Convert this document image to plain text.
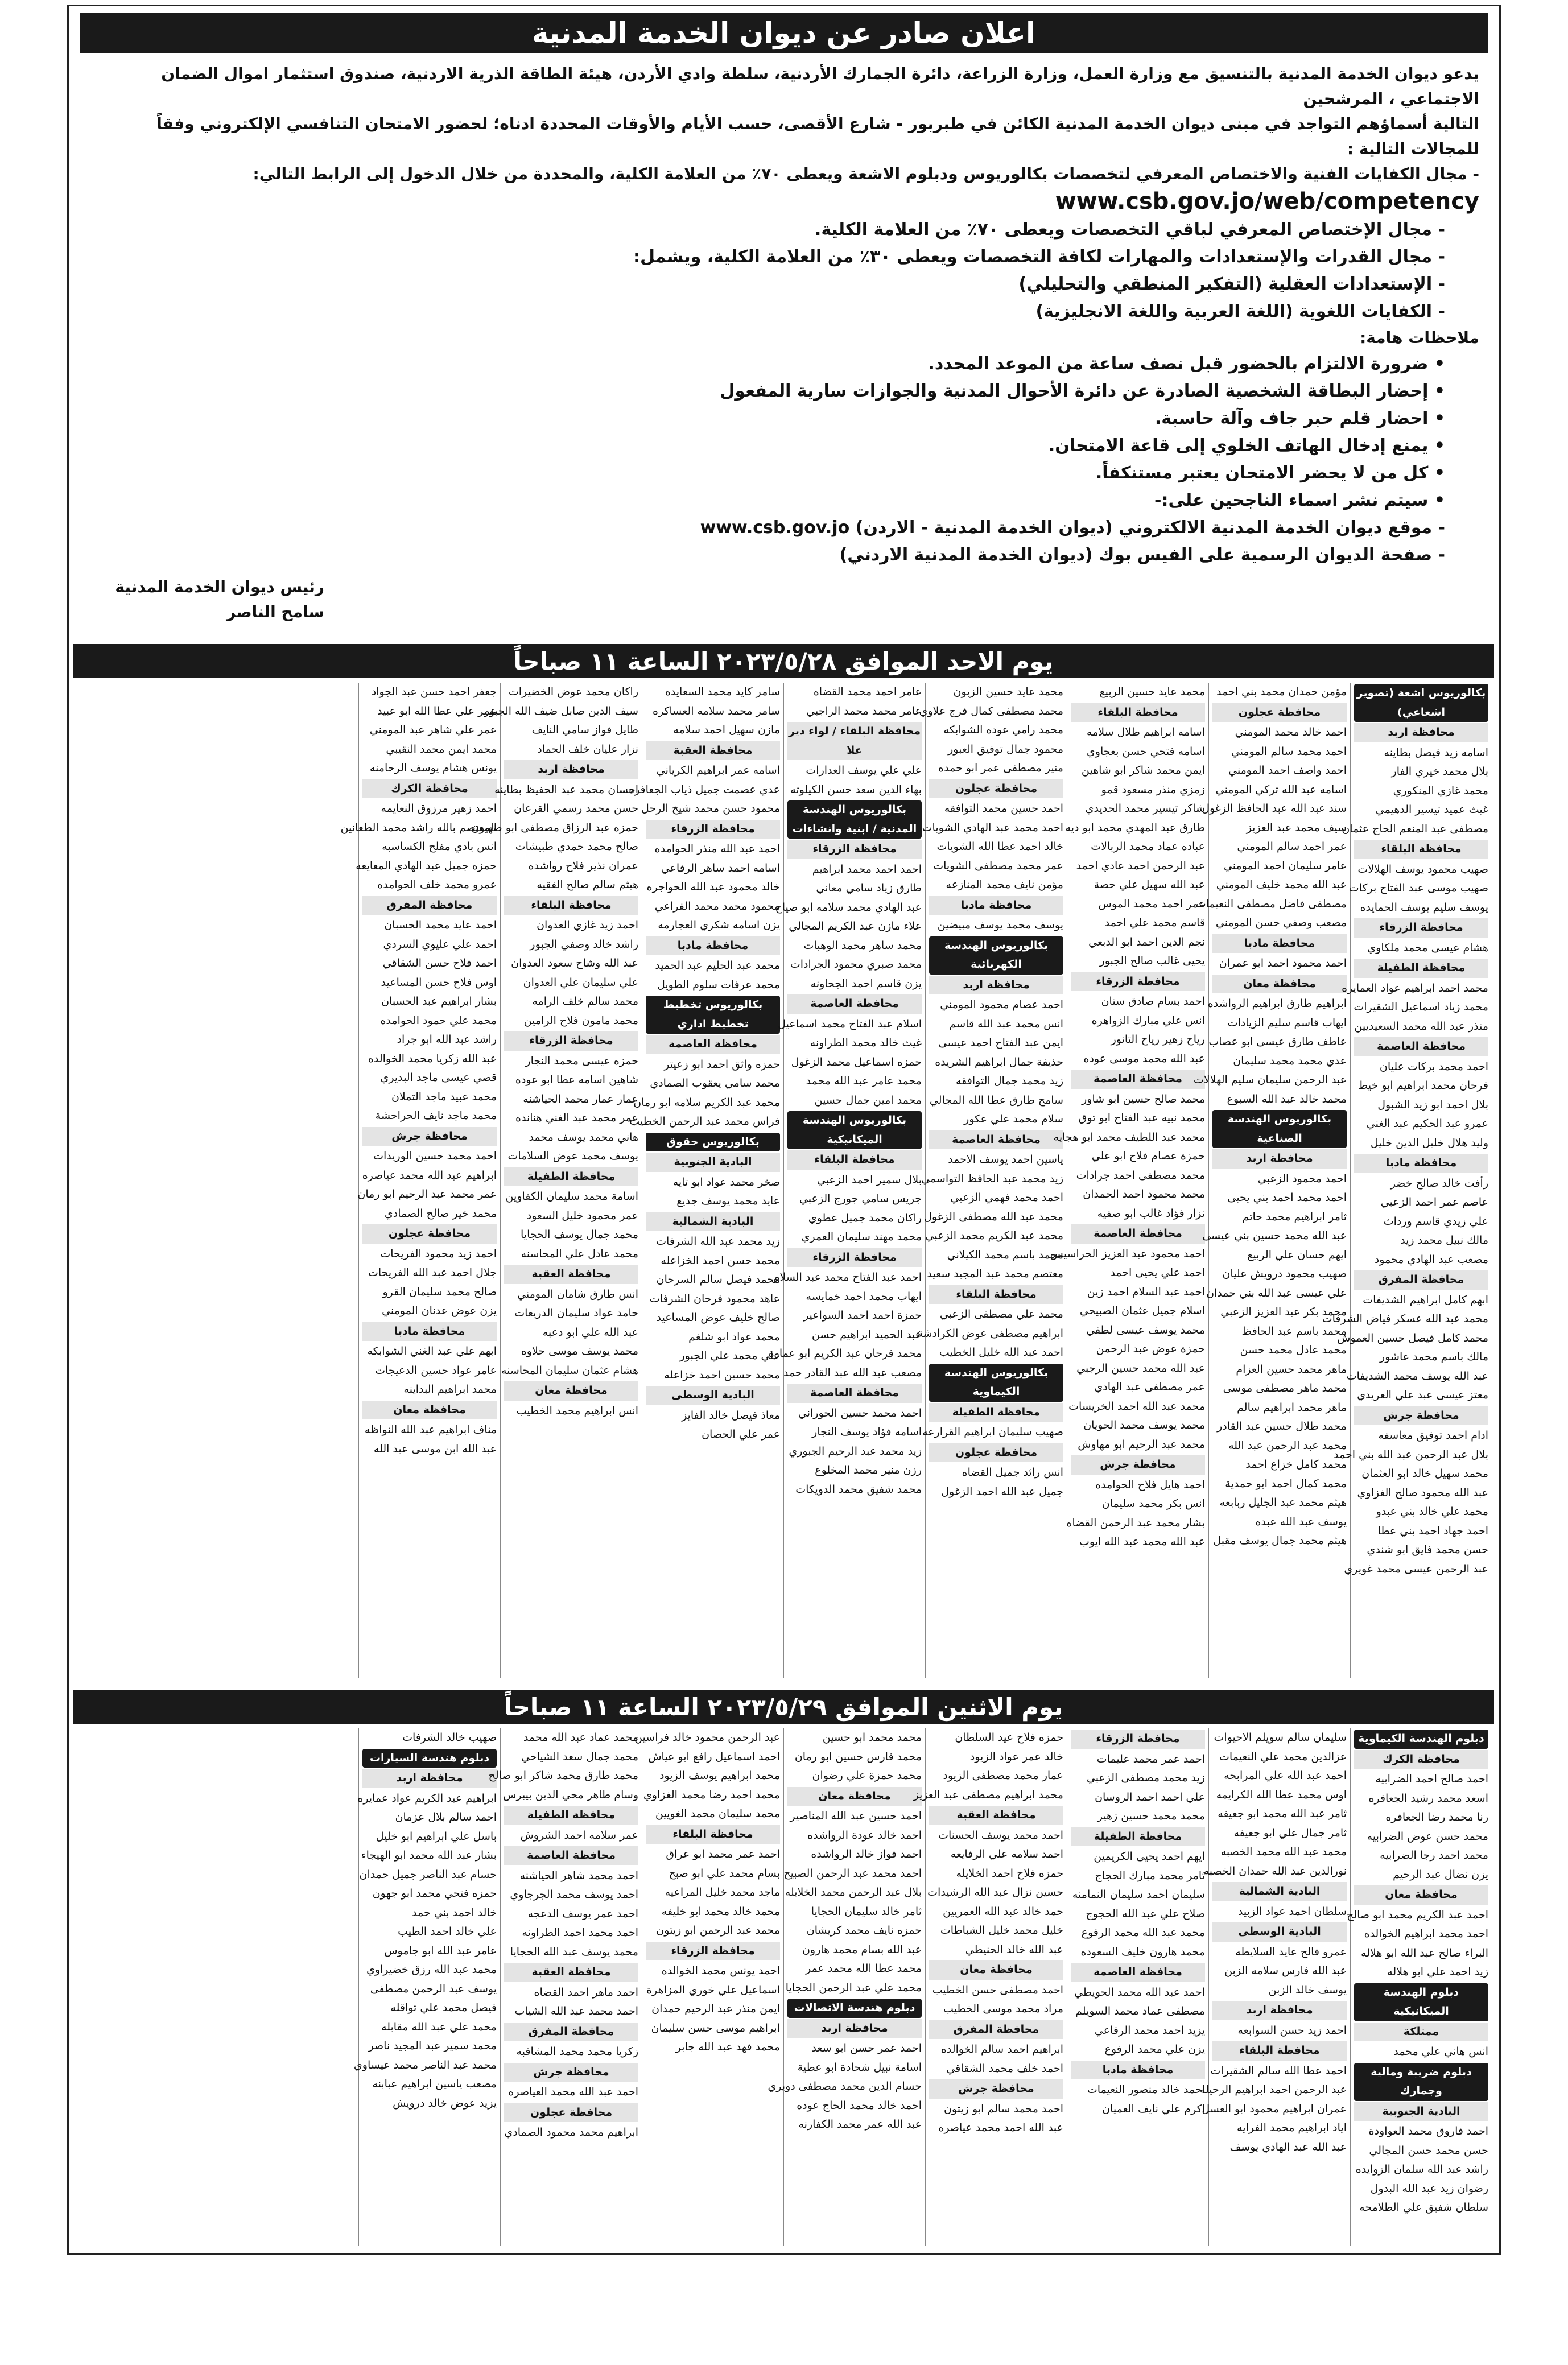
اعلان صادر عن ديوان الخدمة المدنية

يدعو ديوان الخدمة المدنية بالتنسيق مع وزارة العمل، وزارة الزراعة، دائرة الجمارك الأردنية، سلطة وادي الأردن، هيئة الطاقة الذرية الاردنية، صندوق استثمار اموال الضمان الاجتماعي ، المرشحين

التالية أسماؤهم التواجد في مبنى ديوان الخدمة المدنية الكائن في طبربور - شارع الأقصى، حسب الأيام والأوقات المحددة ادناه؛ لحضور الامتحان التنافسي الإلكتروني وفقاً للمجالات التالية :

- مجال الكفايات الفنية والاختصاص المعرفي لتخصصات بكالوريوس ودبلوم الاشعة ويعطى ٧٠٪ من العلامة الكلية، والمحددة من خلال الدخول إلى الرابط التالي:

www.csb.gov.jo/web/competency
- مجال الإختصاص المعرفي لباقي التخصصات ويعطى ٧٠٪ من العلامة الكلية.
- مجال القدرات والإستعدادات والمهارات لكافة التخصصات ويعطى ٣٠٪ من العلامة الكلية، ويشمل:
- الإستعدادات العقلية (التفكير المنطقي والتحليلي)
- الكفايات اللغوية (اللغة العربية واللغة الانجليزية)

ملاحظات هامة:

• ضرورة الالتزام بالحضور قبل نصف ساعة من الموعد المحدد.
• إحضار البطاقة الشخصية الصادرة عن دائرة الأحوال المدنية والجوازات سارية المفعول
• احضار قلم حبر جاف وآلة حاسبة.
• يمنع إدخال الهاتف الخلوي إلى قاعة الامتحان.
• كل من لا يحضر الامتحان يعتبر مستنكفاً.
• سيتم نشر اسماء الناجحين على:-
- موقع ديوان الخدمة المدنية الالكتروني (ديوان الخدمة المدنية - الاردن) www.csb.gov.jo
- صفحة الديوان الرسمية على الفيس بوك (ديوان الخدمة المدنية الاردني)
رئيس ديوان الخدمة المدنية
سامح الناصر
يوم الاحد الموافق ٢٠٢٣/٥/٢٨ الساعة ١١ صباحاً
بكالوريوس اشعة (تصوير اشعاعي)
محافظة اربد
اسامه زيد فيصل بطاينه
بلال محمد خيري الفار
محمد غازي المنكوري
غيث عميد تيسير الدهيمي
مصطفى عبد المنعم الحاج عثمان
محافظة البلقاء
صهيب محمود يوسف الهلالات
صهيب موسى عبد الفتاح بركات
يوسف سليم يوسف الحمايده
محافظة الزرقاء
هشام عيسى محمد ملكاوي
محافظة الطفيلة
محمد احمد ابراهيم عواد العمايره
محمد زياد اسماعيل الشقيرات
منذر عبد الله محمد السعيديين
محافظة العاصمة
احمد محمد بركات عليان
فرحان محمد ابراهيم ابو خيط
بلال احمد ابو زيد الشبول
عمرو عبد الحكيم عبد الغني
وليد هلال خليل الدين خليل
محافظة مادبا
رأفت خالد صالح خضر
عاصم عمر احمد الزعبي
علي زيدي قاسم ورداث
مالك نبيل محمد زيد
مصعب عبد الهادي محمود
محافظة المفرق
ابهم كامل ابراهيم الشديفات
محمد عبد الله عسكر فياض الشرفات
محمد كامل فيصل حسين العموش
مالك باسم محمد عاشور
عبد الله يوسف محمد الشديفات
معتز عيسى عبد علي العريدي
محافظة جرش
ادام احمد توفيق معاسفه
بلال عبد الرحمن عبد الله بني احمد
محمد سهيل خالد ابو العثمان
عبد الله محمود صالح الغزاوي
محمد علي خالد بني عبدو
احمد جهاد احمد بني عطا
حسن محمد فايق ابو شندي
عبد الرحمن عيسى محمد غويري
مؤمن حمدان محمد بني احمد
محافظة عجلون
احمد خالد محمد المومني
احمد محمد سالم المومني
احمد واصف احمد المومني
اسامه عبد الله تركي المومني
سند عبد الله عبد الحافظ الزغول
سيف محمد عبد العزيز
عمر احمد سالم المومني
عامر سليمان احمد المومني
عبد الله محمد خليف المومني
مصطفى فاضل مصطفى النعيمات
مصعب وصفي حسن المومني
محافظة مادبا
احمد محمود احمد ابو عمران
محافظة معان
ابراهيم طارق ابراهيم الرواشده
ايهاب قاسم سليم الزيادات
عاطف طارق عيسى ابو عصاب
عدي محمد محمد سليمان
عبد الرحمن سليمان سليم الهلالات
محمد خالد عبد الله السبوع
بكالوريوس الهندسة الصناعية
محافظة اربد
احمد محمود الزعبي
احمد محمد احمد بني يحيى
ثامر ابراهيم محمد حاتم
عبد الله محمد حسين بني عيسى
ايهم حسان علي الربيع
صهيب محمود درويش عليان
علي عيسى عبد الله بني حمدان
محمد بكر عبد العزيز الزعبي
محمد باسم عبد الحافظ
محمد عادل محمد حسن
ماهر محمد حسين العزام
محمد ماهر مصطفى موسى
ماهر محمد ابراهيم سالم
محمد طلال حسين عبد القادر
محمد عبد الرحمن عبد الله
محمد كامل خزاع احمد
محمد كمال احمد ابو حمدية
هيثم محمد عبد الجليل ربابعه
يوسف عبد الله عبده
هيثم محمد جمال يوسف مقبل
محمد عايد حسين الربيع
محافظة البلقاء
اسامه ابراهيم طلال سلامه
اسامه فتحي حسن بعجاوي
ايمن محمد شاكر ابو شاهين
زمزي منذر مسعود قمو
شاكر تيسير محمد الحديدي
طارق عبد المهدي محمد ابو ديه
عباده عماد محمد الربالات
عبد الرحمن احمد عادي احمد
عبد الله سهيل علي حصة
عمر احمد محمد الموس
قاسم محمد علي احمد
نجم الدين احمد ابو الدبعي
يحيى غالب صالح الجبور
محافظة الزرقاء
احمد بسام صادق ستان
انس علي مبارك الزواهره
رياح زهير رياح التانور
عبد الله محمد موسى عوده
محافظة العاصمة
محمد صالح حسين ابو شاور
محمد نبيه عبد الفتاح ابو توق
محمد عبد اللطيف محمد ابو هجايه
حمزة عصام فلاح ابو علي
محمد مصطفى احمد جرادات
محمد محمود احمد الحمدان
نزار فؤاد غالب ابو صفيه
محافظة العاصمة
احمد محمود عبد العزيز الحراسيس
احمد علي يحيى احمد
احمد عبد السلام احمد زين
اسلام جميل عثمان الصبيحي
محمد يوسف عيسى لطفي
حمزة عوض عبد الرحمن
عبد الله محمد حسين الرجبي
عمر مصطفى عبد الهادي
محمد عبد الله احمد الخريسات
محمد يوسف محمد الحويان
محمد عبد الرحيم ابو مهاوش
محافظة جرش
احمد هايل فلاح الحوامده
انس بكر محمد سليمان
بشار محمد عبد الرحمن القضاه
عبد الله محمد عبد الله ايوب
محمد عايد حسين الزبون
محمد مصطفى كمال فرج علاوي
محمد رامي عوده الشوابكه
محمود جمال توفيق العبور
منير مصطفى عمر ابو حمده
محافظة عجلون
احمد حسين محمد التوافقه
احمد محمد عبد الهادي الشويات
خالد احمد عطا الله الشويات
عمر محمد مصطفى الشويات
مؤمن نايف محمد المنازعه
محافظة مادبا
يوسف محمد يوسف مبيضين
بكالوريوس الهندسة الكهربائية
محافظة اربد
احمد عصام محمود المومني
انس محمد عبد الله قاسم
ايمن عبد الفتاح احمد عيسى
حذيفة جمال ابراهيم الشريده
زيد محمد جمال التوافقه
سامح طارق عطا الله المجالي
سلام محمد علي عكور
محافظة العاصمة
ياسين احمد يوسف الاحمد
زيد محمد عبد الحافظ التواسمي
احمد محمد فهمي الزعبي
محمد عبد الله مصطفى الزغول
محمد عبد الكريم محمد الزعبي
محمد باسم محمد الكيلاني
معتصم محمد عبد المجيد سعيد
محافظة البلقاء
محمد علي مصطفى الزعبي
ابراهيم مصطفى عوض الكرادشة
احمد عبد الله خليل الخطيب
بكالوريوس الهندسة الكيماوية
محافظة الطفيلة
صهيب سليمان ابراهيم القرارعه
محافظة عجلون
انس رائد جميل القضاه
جميل عبد الله احمد الزغول
عامر احمد محمد القضاه
عامر محمد محمد الراجبي
محافظة البلقاء / لواء دير علا
علي علي يوسف العدارات
بهاء الدين سعد حسن الكيلوته
بكالوريوس الهندسة المدنية / ابنية وانشاءات
محافظة الزرقاء
احمد احمد محمد ابراهيم
طارق زياد سامي معاني
عبد الهادي محمد سلامه ابو صياح
علاء مازن عبد الكريم المجالي
محمد ساهر محمد الوهبات
محمد صبري محمود الجرادات
يزن قاسم احمد الجحاونه
محافظة العاصمة
اسلام عبد الفتاح محمد اسماعيل
غيث خالد محمد الطراونه
حمزه اسماعيل محمد الزغول
محمد عامر عبد الله محمد
محمد امين جمال حسين
بكالوريوس الهندسة الميكانيكية
محافظة البلقاء
بلال سمير احمد الزعبي
جريس سامي جورج الزعبي
راكان محمد جميل عطوي
محمد مهند سليمان العمري
محافظة الزرقاء
احمد عبد الفتاح محمد عبد السلام
ايهاب محمد احمد خمايسه
حمزة احمد احمد السواعير
عبد الحميد ابراهيم حسن
محمد فرحان عبد الكريم ابو عمارة
مصعب عبد الله عبد القادر حمد
محافظة العاصمة
احمد محمد حسين الحوراني
اسامه فؤاد يوسف النجار
زيد محمد عبد الرحيم الجبوري
رزن منير محمد المخلوع
محمد شفيق محمد الدويكات
سامر كايد محمد السعايده
سامر محمد سلامه العساكره
مازن سهيل احمد سلامه
محافظة العقبة
اسامه عمر ابراهيم الكرياني
عدي عصمت جميل ذياب الجعافره
محمود حسن محمد شيخ الرحل
محافظة الزرقاء
احمد عبد الله منذر الحوامده
اسامه احمد ساهر الرفاعي
خالد محمود عبد الله الحواجره
محمود محمد محمد الفراعي
يزن اسامه شكري العجارمه
محافظة مادبا
محمد عبد الحليم عبد الحميد
محمد عرفات سلوم الطويل
بكالوريوس تخطيط تخطيط اداري
محافظة العاصمة
حمزه واثق احمد ابو زعيتر
محمد سامي يعقوب الصمادي
محمد عبد الكريم سلامه ابو رمان
فراس محمد عبد الرحمن الخطيب
بكالوريوس حقوق
البادية الجنوبية
صخر محمد عواد ابو تايه
عايد محمد يوسف جديع
البادية الشمالية
زيد محمد عبد الله الشرفات
محمد حسن احمد الخزاعله
محمد فيصل سالم السرحان
عاهد محمود فرحان الشرفات
صالح خليف عوض المساعيد
محمد عواد ابو شلغم
علي محمد علي الجبور
محمد حسين احمد خزاعله
البادية الوسطى
معاذ فيصل خالد الفايز
عمر علي الحصان
راكان محمد عوض الخضيرات
سيف الدين صابل ضيف الله الجبور
طايل فواز سامي النايف
نزار عليان خلف الحماد
محافظة اربد
احسان محمد عبد الحفيظ بطاينه
حسن محمد رسمي القرعان
حمزه عبد الرزاق مصطفى ابو صهيون
صالح محمد حمدي طبيشات
عمران نذير فلاح رواشده
هيثم سالم صالح الفقيه
محافظة البلقاء
احمد زيد غازي العدوان
راشد خالد وصفي الجبور
عبد الله وشاح سعود العدوان
علي سليمان علي العدوان
محمد سالم خلف الرامه
محمد مامون فلاح الرامين
محافظة الزرقاء
حمزه عيسى محمد النجار
شاهين اسامه عطا ابو عوده
عمار عمار محمد الحياشنه
عمر محمد عبد الغني هنانده
هاني محمد يوسف محمد
يوسف محمد عوض السلامات
محافظة الطفيلة
اسامة محمد سليمان الكفاوين
عمر محمود خليل السعود
محمد جمال يوسف الحجايا
محمد عادل علي المحاسنه
محافظة العقبة
انس طارق شامان المومني
حامد عواد سليمان الدريعات
عبد الله علي ابو دعبه
محمد يوسف موسى حلاوه
هشام عثمان سليمان المحاسنه
محافظة معان
انس ابراهيم محمد الخطيب
جعفر احمد حسن عبد الجواد
عمر علي عطا الله ابو عبيد
عمر علي شاهر عبد المومني
محمد ايمن محمد النقيبي
يونس هشام يوسف الرحامنه
محافظة الكرك
احمد زهير مرزوق النعايمه
المعتصم بالله راشد محمد الطعانين
انس بادي مفلح الكساسبه
حمزه جميل عبد الهادي المعايعه
عمرو محمد خلف الحوامده
محافظة المفرق
احمد عايد محمد الحسبان
احمد علي عليوي السردي
احمد فلاح حسن الشقاقي
اوس فلاح حسن المساعيد
بشار ابراهيم عبد الحسبان
محمد علي حمود الحوامده
راشد عبد الله ابو جراد
عبد الله زكريا محمد الخوالده
قصي عيسى ماجد البديري
محمد عبيد ماجد التملان
محمد ماجد نايف الحراحشة
محافظة جرش
احمد محمد حسين الوريدات
ابراهيم عبد الله محمد عياصره
عمر محمد عبد الرحيم ابو رمان
محمد خير صالح الصمادي
محافظة عجلون
احمد زيد محمود الفريحات
جلال احمد عبد الله الفريحات
صالح محمد سليمان القرو
يزن عوض عدنان المومني
محافظة مادبا
ابهم علي عبد الغني الشوابكه
عامر عواد حسين الدعيجات
محمد ابراهيم البداينه
محافظة معان
مناف ابراهيم عبد الله النواظه
عبد الله ابن موسى عبد الله
يوم الاثنين الموافق ٢٠٢٣/٥/٢٩ الساعة ١١ صباحاً
دبلوم الهندسة الكيماوية
محافظة الكرك
احمد صالح احمد الضرابيه
اسعد محمد رشيد الجعافره
رنا محمد رضا الجعافره
محمد حسن عوض الضرابيه
محمد احمد رجا الضرابيه
يزن نضال عبد الرحيم
محافظة معان
احمد عبد الكريم محمد ابو صالح
احمد محمد ابراهيم الخوالده
البراء صالح عبد الله ابو هلاله
زيد احمد علي ابو هلاله
دبلوم الهندسة الميكانيكية
ممتلكة
انس هاني علي محمد
دبلوم ضريبة ومالية وجمارك
البادية الجنوبية
احمد فاروق محمد العواودة
حسن محمد حسن المجالي
راشد عبد الله سلمان الزوايده
رضوان زيد عبد الله البدول
سلطان شفيق علي الطلامحه
سليمان سالم سويلم الاحيوات
عزالدين محمد علي النعيمات
احمد عبد الله علي المرابحه
اوس محمد عطا الله الكرايمه
ثامر عبد الله محمد ابو جعيفه
ثامر جمال علي ابو جعيفه
محمد عبد الله محمد الخصبه
نورالدين عبد الله حمدان الخصبه
البادية الشمالية
سلطان احمد عواد الزبيد
البادية الوسطى
عمرو فالح عايد السلايطه
عبد الله فارس سلامه الزبن
يوسف خالد الزبن
محافظة اربد
احمد زيد حسن السوابعه
محافظة البلقاء
احمد عطا الله سالم الشقيرات
عبد الرحمن احمد ابراهيم الرحيله
عمران ابراهيم محمود ابو العسل
اياد ابراهيم محمد الفرايه
عبد الله عبد الهادي يوسف
محافظة الزرقاء
احمد عمر محمد عليمات
زيد محمد مصطفى الزعبي
علي احمد احمد الروسان
محمد محمد حسين زهير
محافظة الطفيلة
ايهم احمد يحيى الكريمين
ثامر محمد مبارك الحجاج
سليمان احمد سليمان النمامنه
صلاح علي عبد الله الحجوج
محمد عبد الله محمد الرفوع
محمد هارون خليف السعوده
محافظة العاصمة
احمد عبد الله محمد الحويطي
مصطفى عماد محمد السويلم
يزيد احمد محمد الرفاعي
يزن علي محمد الرفوع
محافظة مادبا
احمد خالد منصور النعيمات
اكرم علي نايف العميان
حمزه فلاح عيد السلطان
خالد عمر عواد الزيود
عمار محمد مصطفى الزيود
محمد ابراهيم مصطفى عبد العزيز
محافظة العقبة
احمد محمد يوسف الحسنات
احمد سلامه علي الرفايعه
حمزه فلاح احمد الخلايله
حسين نزال عبد الله الرشيدات
حمد خالد عبد الله العمريين
خليل محمد خليل الشباطات
عبد الله خالد الحنيطي
محافظة معان
احمد مصطفى حسن الخطيب
مراد محمد موسى الخطيب
محافظة المفرق
ابراهيم احمد سالم الخوالده
احمد خلف محمد الشقاقي
محافظة جرش
احمد محمد سالم ابو زيتون
عبد الله احمد محمد عياصره
محمد محمد ابو حسين
محمد فارس حسين ابو رمان
محمد حمزة علي رضوان
محافظة معان
احمد حسين عبد الله المناصير
احمد خالد عودة الرواشده
احمد فواز خالد الرواشده
احمد محمد عبد الرحمن الصبيح
بلال عبد الرحمن محمد الخلايله
ثامر خالد سليمان الحجايا
حمزه نايف محمد كريشان
عبد الله بسام محمد هارون
محمد عطا الله محمد عمر
محمد علي عبد الرحمن الحجايا
دبلوم هندسة الاتصالات
محافظة اربد
احمد عمر حسن ابو سعد
اسامة نبيل شحادة ابو عطية
حسام الدين محمد مصطفى دويري
احمد خالد محمد الحاج عوده
عبد الله عمر محمد الكفارنه
عبد الرحمن محمود خالد فراسين
احمد اسماعيل رافع ابو عياش
محمد ابراهيم يوسف الزيود
محمد احمد رضا محمد الغزاوي
محمد سليمان محمد الغويين
محافظة البلقاء
احمد عمر محمد ابو عراق
بسام محمد علي ابو صبح
ماجد محمد خليل المراعيه
محمد خالد محمد ابو خليفه
محمد عبد الرحمن ابو زيتون
محافظة الزرقاء
احمد يونس محمد الخوالده
اسماعيل علي خوري المزاهرة
ايمن منذر عبد الرحيم حمدان
ابراهيم موسى حسن سليمان
محمد فهد عبد الله جابر
محمد عماد عبد الله محمد
محمد جمال سعد الشياحي
محمد طارق محمد شاكر ابو صالح
وسام طاهر محي الدين بيبرس
محافظة الطفيلة
عمر سلامه احمد الشروش
محافظة العاصمة
احمد محمد شاهر الحياشنه
احمد يوسف محمد الجرجاوي
احمد عمر يوسف الدعجه
احمد محمد احمد الطراونه
محمد يوسف عبد الله الحجايا
محافظة العقبة
احمد ماهر احمد القضاه
احمد محمد عبد الله الشياب
محافظة المفرق
زكريا محمد محمد المشاقبه
محافظة جرش
احمد عبد الله محمد العياصره
محافظة عجلون
ابراهيم محمد محمود الصمادي
صهيب خالد الشرفات
دبلوم هندسة السيارات
محافظة اربد
ابراهيم عبد الكريم عواد عمايره
احمد سالم بلال عزمان
باسل علي ابراهيم ابو خليل
بشار عبد الله محمد ابو الهيجاء
حسام عبد الناصر جميل حمدان
حمزه فتحي محمد ابو جهون
خالد احمد بني حمد
علي خالد احمد الطيب
عامر عبد الله ابو جاموس
محمد عبد الله رزق خضيراوي
يوسف عبد الرحمن مصطفى
فيصل محمد علي تواقله
محمد علي عبد الله مقابله
محمد سمير عبد المجيد ناصر
محمد عبد الناصر محمد عيساوي
مصعب ياسين ابراهيم عبابنه
يزيد عوض خالد درويش
